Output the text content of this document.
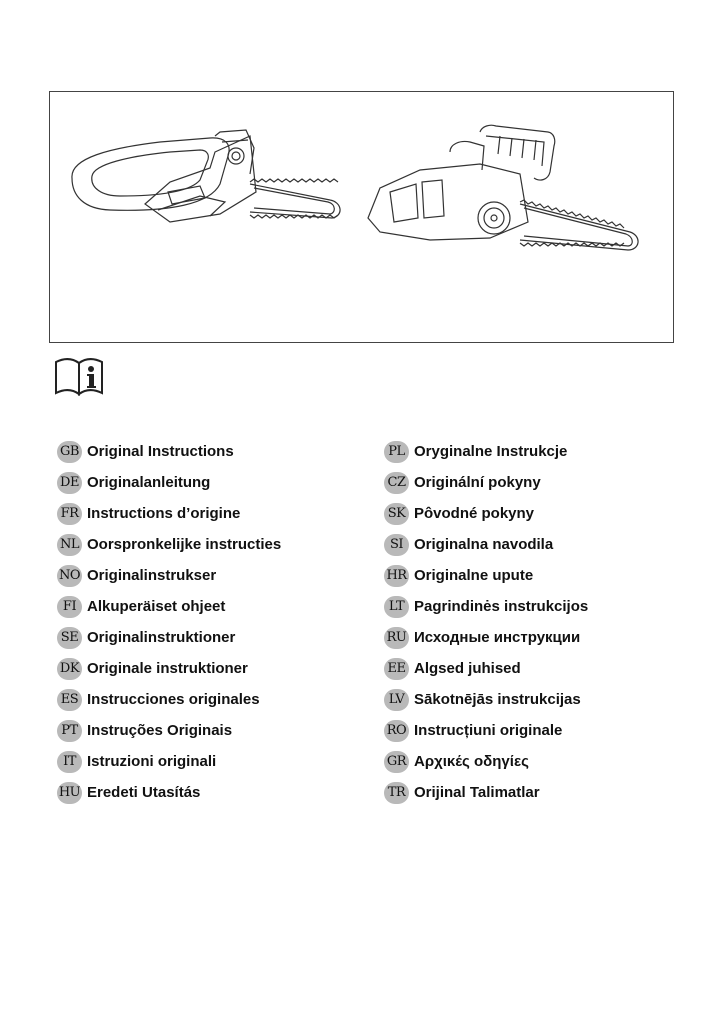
GB Original Instructions
DE Originalanleitung
FR Instructions d’origine
NL Oorspronkelijke instructies
NO Originalinstrukser
FI Alkuperäiset ohjeet
SE Originalinstruktioner
DK Originale instruktioner
ES Instrucciones originales
PT Instruções Originais
IT Istruzioni originali
HU Eredeti Utasítás
PL Oryginalne Instrukcje
CZ Originální pokyny
SK Pôvodné pokyny
SI Originalna navodila
HR Originalne upute
LT Pagrindinės instrukcijos
RU Исходные инструкции
EE Algsed juhised
LV Sākotnējās instrukcijas
RO Instrucțiuni originale
GR Αρχικές οδηγίες
TR Orijinal Talimatlar
